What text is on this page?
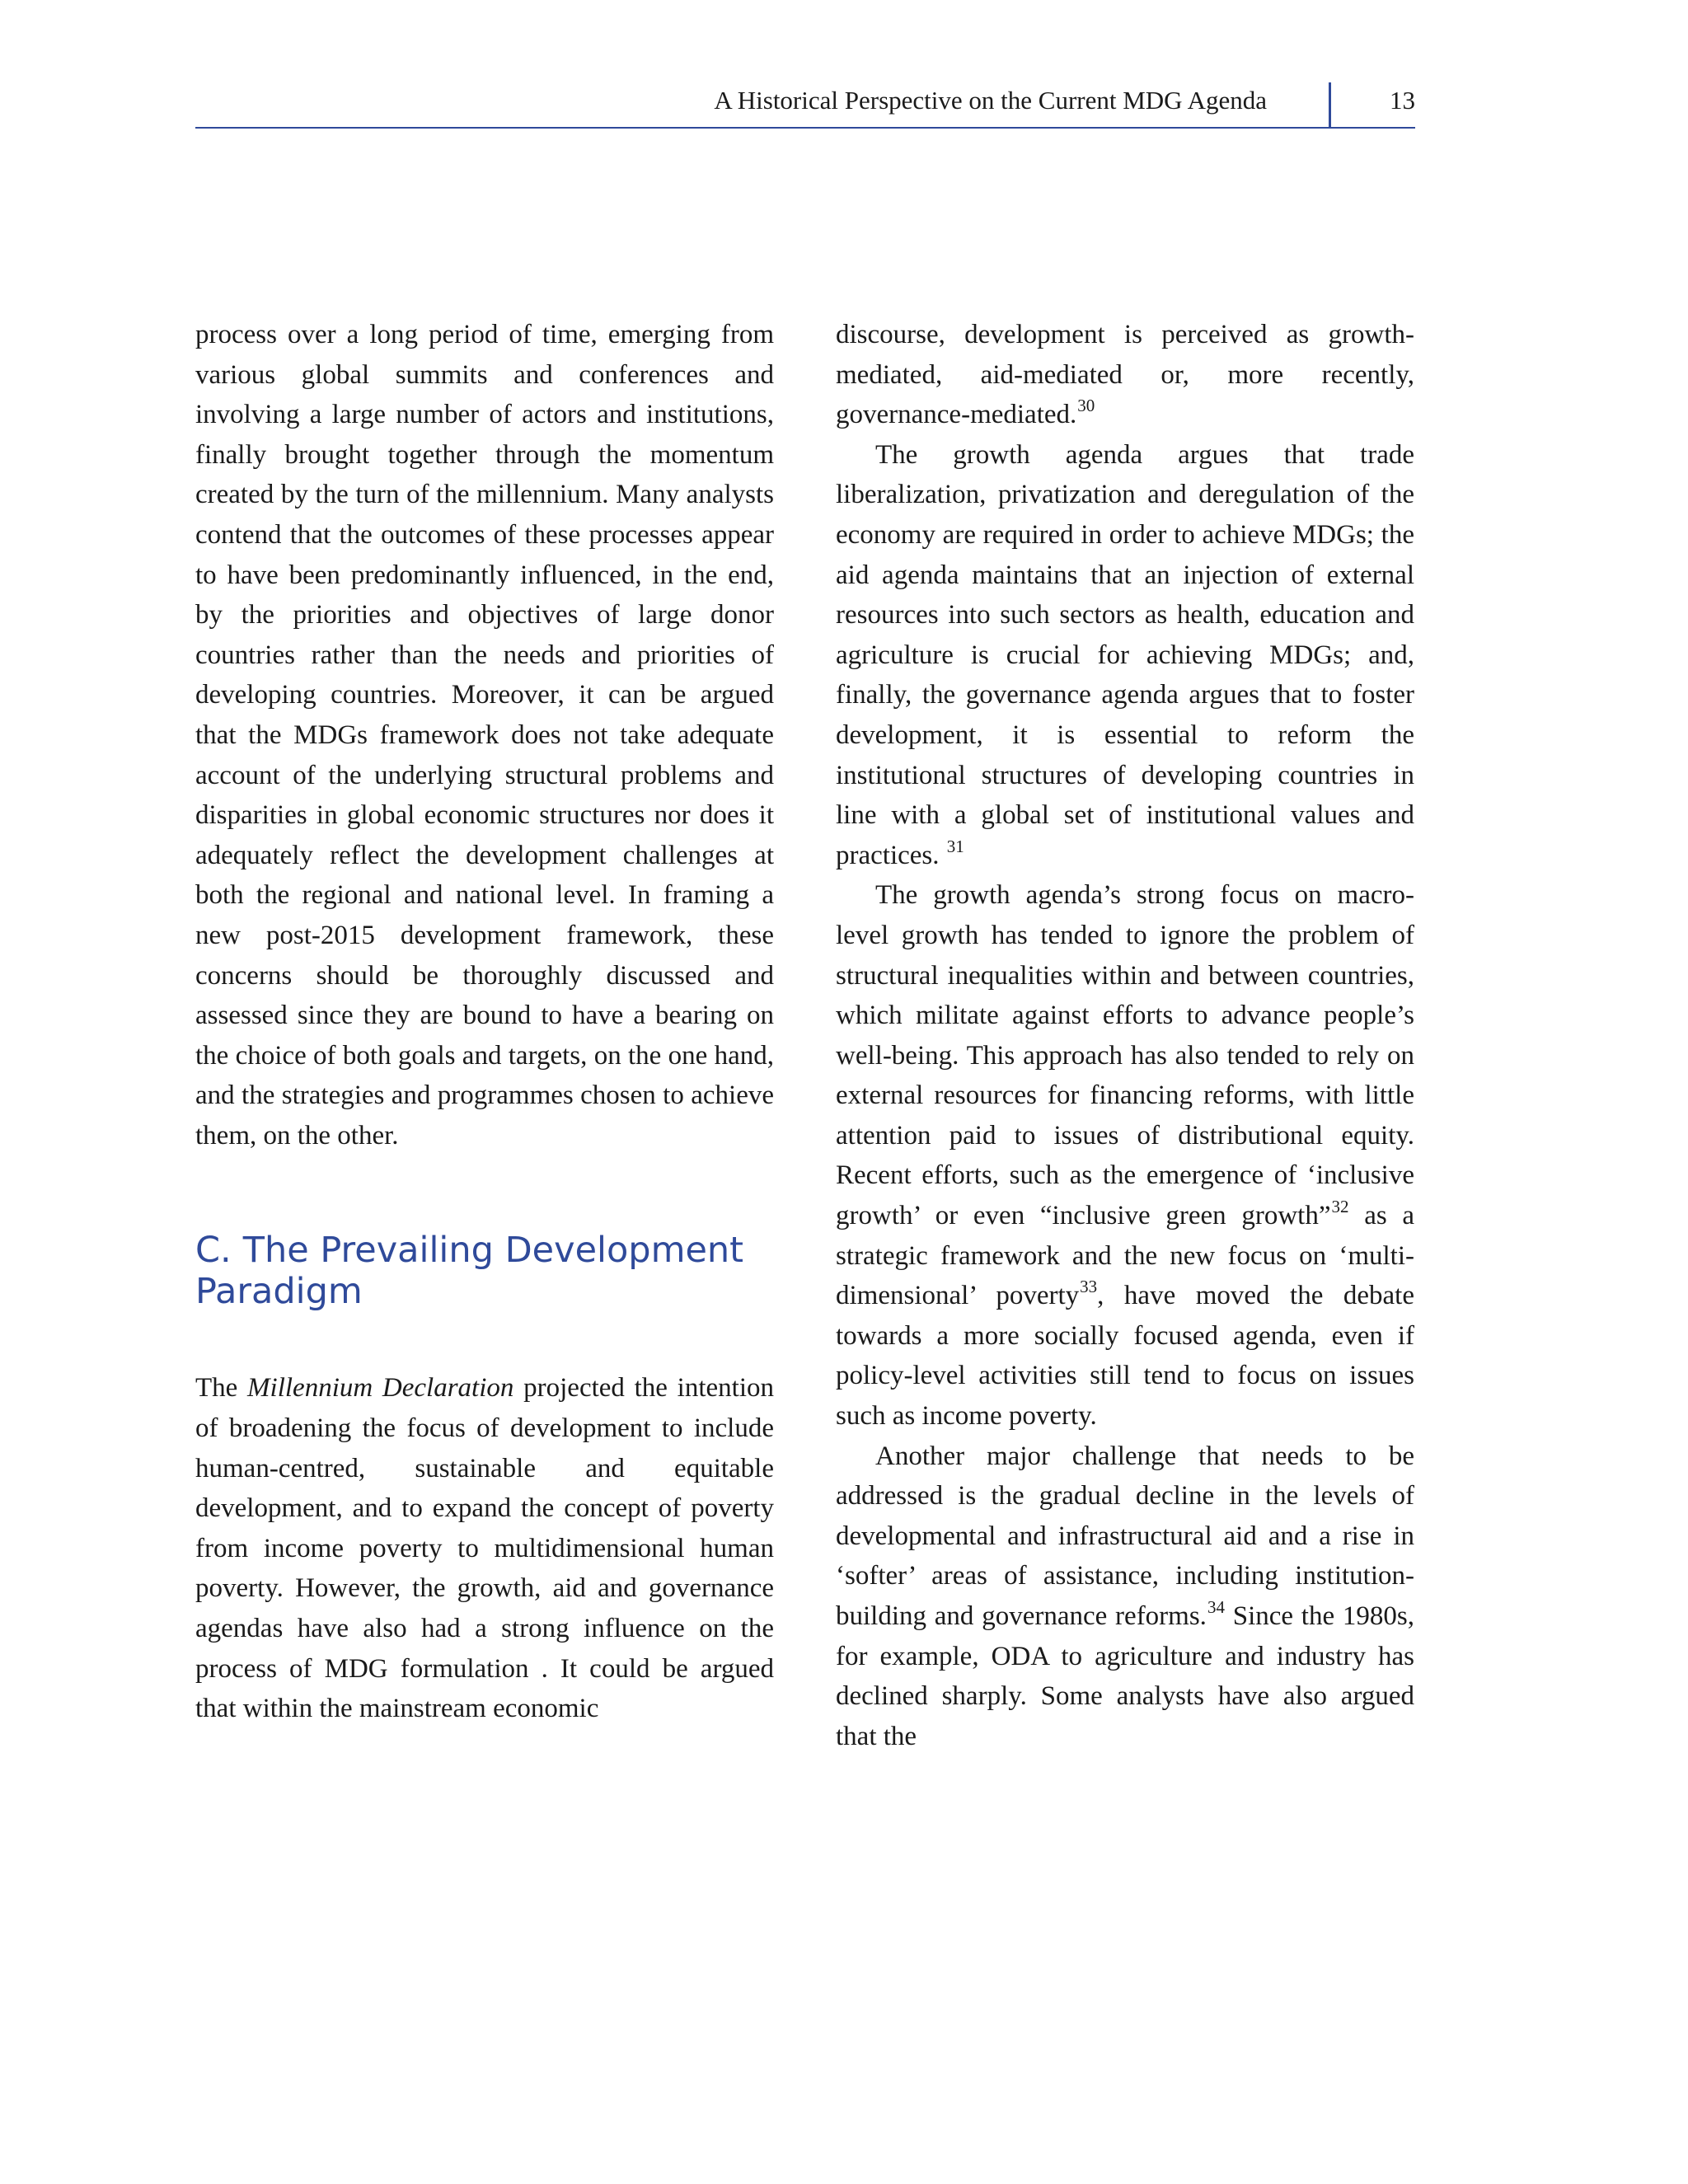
A Historical Perspective on the Current MDG Agenda	13

process over a long period of time, emerging from various global summits and conferences and involving a large number of actors and institutions, finally brought together through the momentum created by the turn of the millennium. Many analysts contend that the outcomes of these processes appear to have been predominantly influenced, in the end, by the priorities and objectives of large donor countries rather than the needs and priorities of developing countries. Moreover, it can be argued that the MDGs framework does not take adequate account of the underlying structural problems and disparities in global economic structures nor does it adequately reflect the development challenges at both the regional and national level. In framing a new post-2015 development framework, these concerns should be thoroughly discussed and assessed since they are bound to have a bearing on the choice of both goals and targets, on the one hand, and the strategies and programmes chosen to achieve them, on the other.

C. The Prevailing Development Paradigm

The Millennium Declaration projected the intention of broadening the focus of development to include human-centred, sustainable and equitable development, and to expand the concept of poverty from income poverty to multidimensional human poverty. However, the growth, aid and governance agendas have also had a strong influence on the process of MDG formulation . It could be argued that within the mainstream economic

discourse, development is perceived as growth-mediated, aid-mediated or, more recently, governance-mediated.$^{30}$

The growth agenda argues that trade liberalization, privatization and deregulation of the economy are required in order to achieve MDGs; the aid agenda maintains that an injection of external resources into such sectors as health, education and agriculture is crucial for achieving MDGs; and, finally, the governance agenda argues that to foster development, it is essential to reform the institutional structures of developing countries in line with a global set of institutional values and practices. $^{31}$

The growth agenda’s strong focus on macro-level growth has tended to ignore the problem of structural inequalities within and between countries, which militate against efforts to advance people’s well-being. This approach has also tended to rely on external resources for financing reforms, with little attention paid to issues of distributional equity. Recent efforts, such as the emergence of ‘inclusive growth’ or even “inclusive green growth”$^{32}$ as a strategic framework and the new focus on ‘multi-dimensional’ poverty$^{33}$, have moved the debate towards a more socially focused agenda, even if policy-level activities still tend to focus on issues such as income poverty.

Another major challenge that needs to be addressed is the gradual decline in the levels of developmental and infrastructural aid and a rise in ‘softer’ areas of assistance, including institution-building and governance reforms.$^{34}$ Since the 1980s, for example, ODA to agriculture and industry has declined sharply. Some analysts have also argued that the
